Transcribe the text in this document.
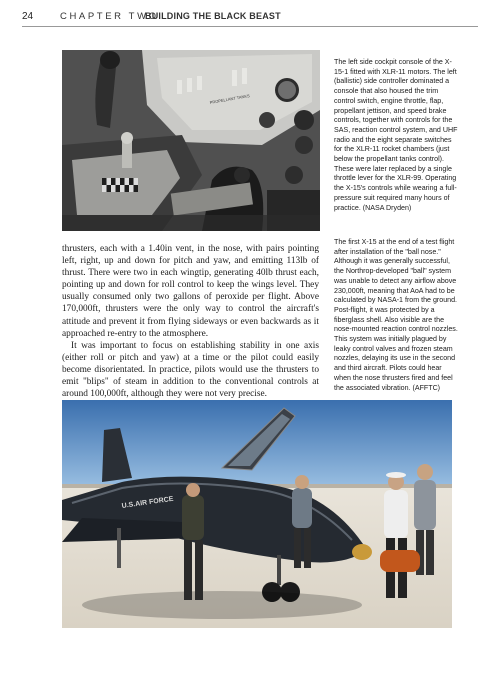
24	CHAPTER TWO
BUILDING THE BLACK BEAST
PROPELLANT TANKS
The left side cockpit console of the X-15-1 fitted with XLR-11 motors. The left (ballistic) side controller dominated a console that also housed the trim control switch, engine throttle, flap, propellant jettison, and speed brake controls, together with controls for the SAS, reaction control system, and UHF radio and the eight separate switches for the XLR-11 rocket chambers (just below the propellant tanks control). These were later replaced by a single throttle lever for the XLR-99. Operating the X-15's controls while wearing a full-pressure suit required many hours of practice. (NASA Dryden)

thrusters, each with a 1.40in vent, in the nose, with pairs pointing left, right, up and down for pitch and yaw, and emitting 113lb of thrust. There were two in each wingtip, generating 40lb thrust each, pointing up and down for roll control to keep the wings level. They usually consumed only two gallons of peroxide per flight. Above 170,000ft, thrusters were the only way to control the aircraft's attitude and prevent it from flying sideways or even backwards as it approached re-entry to the atmosphere.

It was important to focus on establishing stability in one axis (either roll or pitch and yaw) at a time or the pilot could easily become disorientated. In practice, pilots would use the thrusters to emit "blips" of steam in addition to the conventional controls at around 100,000ft, although they were not very precise.

The first X-15 at the end of a test flight after installation of the "ball nose." Although it was generally successful, the Northrop-developed "ball" system was unable to detect any airflow above 230,000ft, meaning that AoA had to be calculated by NASA-1 from the ground. Post-flight, it was protected by a fiberglass shell. Also visible are the nose-mounted reaction control nozzles. This system was initially plagued by leaky control valves and frozen steam nozzles, delaying its use in the second and third aircraft. Pilots could hear when the nose thrusters fired and feel the associated vibration. (AFFTC)
U.S.AIR FORCE
